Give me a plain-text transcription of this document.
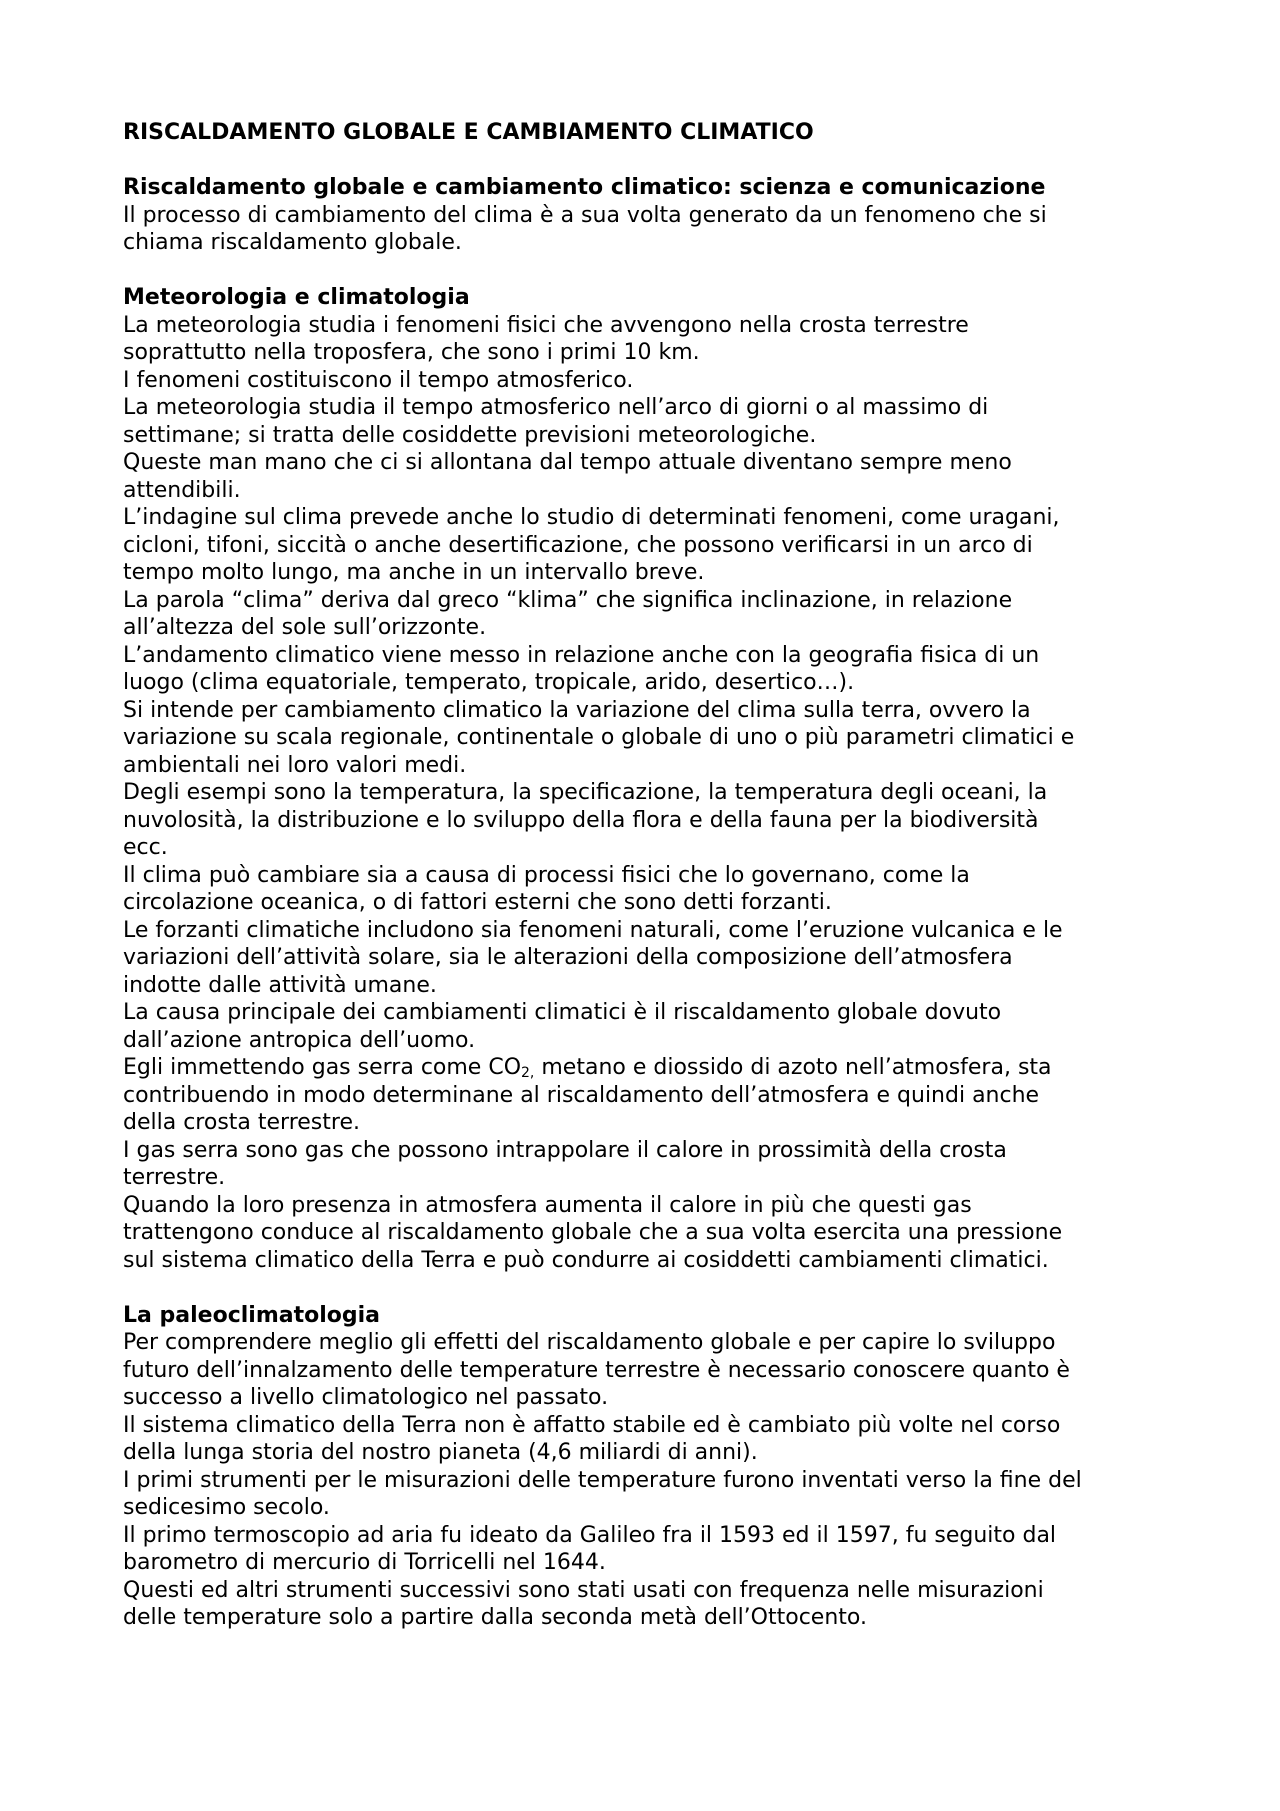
RISCALDAMENTO GLOBALE E CAMBIAMENTO CLIMATICO

Riscaldamento globale e cambiamento climatico: scienza e comunicazione

Il processo di cambiamento del clima è a sua volta generato da un fenomeno che si

chiama riscaldamento globale.

Meteorologia e climatologia

La meteorologia studia i fenomeni fisici che avvengono nella crosta terrestre

soprattutto nella troposfera, che sono i primi 10 km.

I fenomeni costituiscono il tempo atmosferico.

La meteorologia studia il tempo atmosferico nell’arco di giorni o al massimo di

settimane; si tratta delle cosiddette previsioni meteorologiche.

Queste man mano che ci si allontana dal tempo attuale diventano sempre meno

attendibili.

L’indagine sul clima prevede anche lo studio di determinati fenomeni, come uragani,

cicloni, tifoni, siccità o anche desertificazione, che possono verificarsi in un arco di

tempo molto lungo, ma anche in un intervallo breve.

La parola “clima” deriva dal greco “klima” che significa inclinazione, in relazione

all’altezza del sole sull’orizzonte.

L’andamento climatico viene messo in relazione anche con la geografia fisica di un

luogo (clima equatoriale, temperato, tropicale, arido, desertico…).

Si intende per cambiamento climatico la variazione del clima sulla terra, ovvero la

variazione su scala regionale, continentale o globale di uno o più parametri climatici e

ambientali nei loro valori medi.

Degli esempi sono la temperatura, la specificazione, la temperatura degli oceani, la

nuvolosità, la distribuzione e lo sviluppo della flora e della fauna per la biodiversità

ecc.

Il clima può cambiare sia a causa di processi fisici che lo governano, come la

circolazione oceanica, o di fattori esterni che sono detti forzanti.

Le forzanti climatiche includono sia fenomeni naturali, come l’eruzione vulcanica e le

variazioni dell’attività solare, sia le alterazioni della composizione dell’atmosfera

indotte dalle attività umane.

La causa principale dei cambiamenti climatici è il riscaldamento globale dovuto

dall’azione antropica dell’uomo.

Egli immettendo gas serra come $CO_{2,}$ metano e diossido di azoto nell’atmosfera, sta

contribuendo in modo determinane al riscaldamento dell’atmosfera e quindi anche

della crosta terrestre.

I gas serra sono gas che possono intrappolare il calore in prossimità della crosta

terrestre.

Quando la loro presenza in atmosfera aumenta il calore in più che questi gas

trattengono conduce al riscaldamento globale che a sua volta esercita una pressione

sul sistema climatico della Terra e può condurre ai cosiddetti cambiamenti climatici.

La paleoclimatologia

Per comprendere meglio gli effetti del riscaldamento globale e per capire lo sviluppo

futuro dell’innalzamento delle temperature terrestre è necessario conoscere quanto è

successo a livello climatologico nel passato.

Il sistema climatico della Terra non è affatto stabile ed è cambiato più volte nel corso

della lunga storia del nostro pianeta (4,6 miliardi di anni).

I primi strumenti per le misurazioni delle temperature furono inventati verso la fine del

sedicesimo secolo.

Il primo termoscopio ad aria fu ideato da Galileo fra il 1593 ed il 1597, fu seguito dal

barometro di mercurio di Torricelli nel 1644.

Questi ed altri strumenti successivi sono stati usati con frequenza nelle misurazioni

delle temperature solo a partire dalla seconda metà dell’Ottocento.
